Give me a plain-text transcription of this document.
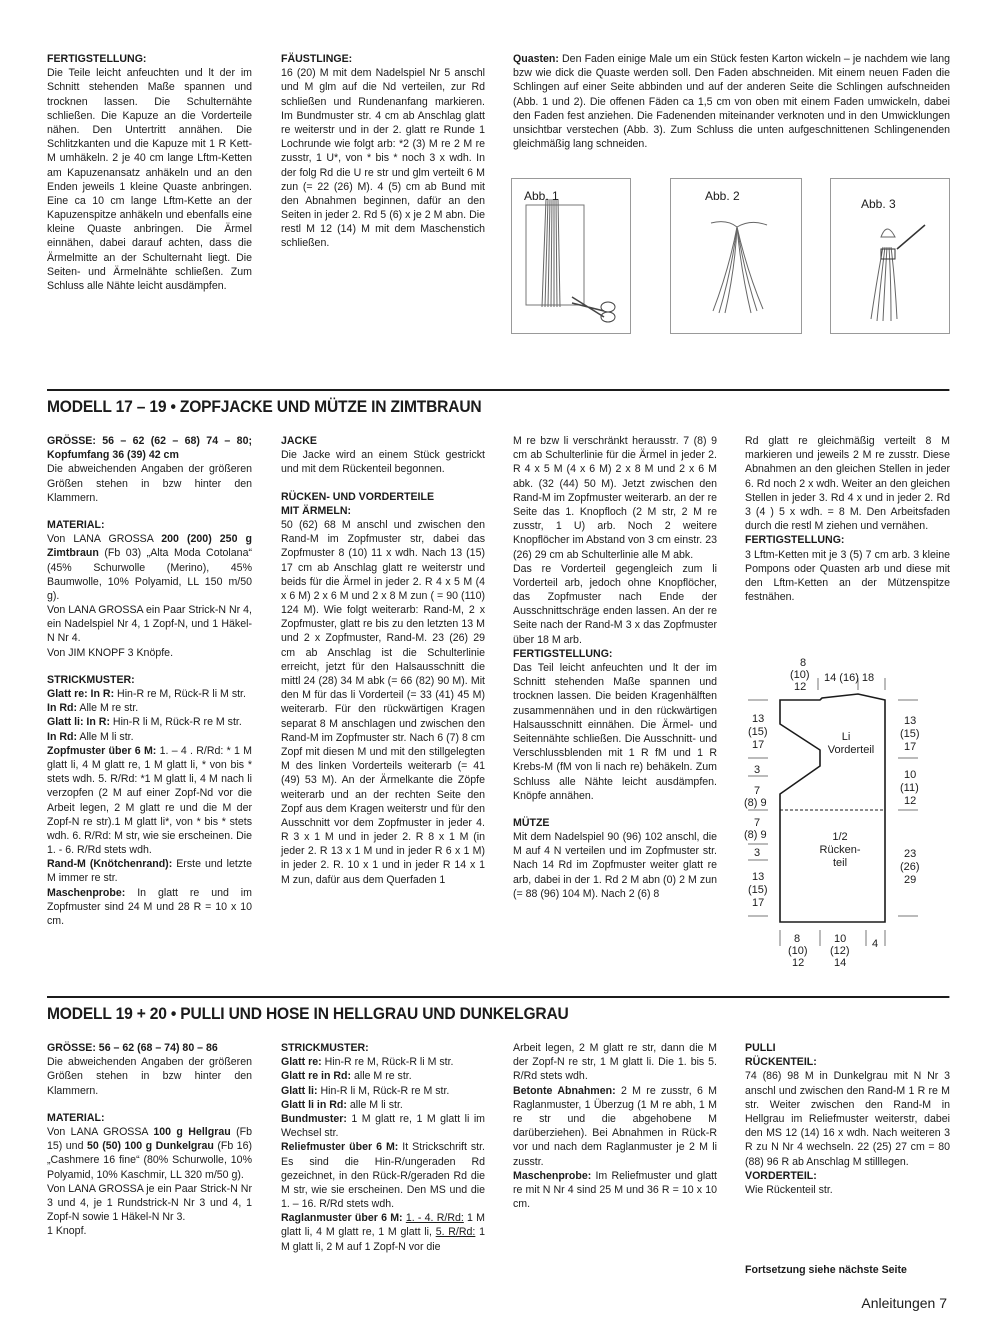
FERTIGSTELLUNG:

Die Teile leicht anfeuchten und lt der im Schnitt stehenden Maße spannen und trocknen lassen. Die Schulternähte schließen. Die Kapuze an die Vorderteile nähen. Den Untertritt annähen. Die Schlitzkanten und die Kapuze mit 1 R Kett-M umhäkeln. 2 je 40 cm lange Lftm-Ketten am Kapuzenansatz anhäkeln und an den Enden jeweils 1 kleine Quaste anbringen. Eine ca 10 cm lange Lftm-Kette an der Kapuzenspitze anhäkeln und ebenfalls eine kleine Quaste anbringen. Die Ärmel einnähen, dabei darauf achten, dass die Ärmelmitte an der Schulternaht liegt. Die Seiten- und Ärmelnähte schließen. Zum Schluss alle Nähte leicht ausdämpfen.

FÄUSTLINGE:

16 (20) M mit dem Nadelspiel Nr 5 anschl und M glm auf die Nd verteilen, zur Rd schließen und Rundenanfang markieren. Im Bundmuster str. 4 cm ab Anschlag glatt re weiterstr und in der 2. glatt re Runde 1 Lochrunde wie folgt arb: *2 (3) M re 2 M re zusstr, 1 U*, von * bis * noch 3 x wdh. In der folg Rd die U re str und glm verteilt 6 M zun (= 22 (26) M). 4 (5) cm ab Bund mit den Abnahmen beginnen, dafür an den Seiten in jeder 2. Rd 5 (6) x je 2 M abn. Die restl M 12 (14) M mit dem Maschenstich schließen.

Quasten: Den Faden einige Male um ein Stück festen Karton wickeln – je nachdem wie lang bzw wie dick die Quaste werden soll. Den Faden abschneiden. Mit einem neuen Faden die Schlingen auf einer Seite abbinden und auf der anderen Seite die Schlingen aufschneiden (Abb. 1 und 2). Die offenen Fäden ca 1,5 cm von oben mit einem Faden umwickeln, dabei den Faden fest anziehen. Die Fadenenden miteinander verknoten und in den Umwicklungen unsichtbar verstechen (Abb. 3). Zum Schluss die unten aufgeschnittenen Schlingenenden gleichmäßig lang schneiden.

Abb. 1	Abb. 2
Abb. 3
MODELL 17 – 19 • ZOPFJACKE UND MÜTZE IN ZIMTBRAUN

GRÖSSE: 56 – 62 (62 – 68) 74 – 80; Kopfumfang 36 (39) 42 cm

Die abweichenden Angaben der größeren Größen stehen in bzw hinter den Klammern.

MATERIAL:

Von LANA GROSSA 200 (200) 250 g Zimtbraun (Fb 03) „Alta Moda Cotolana“ (45% Schurwolle (Merino), 45% Baumwolle, 10% Polyamid, LL 150 m/50 g).

Von LANA GROSSA ein Paar Strick-N Nr 4, ein Nadelspiel Nr 4, 1 Zopf-N, und 1 Häkel-N Nr 4.

Von JIM KNOPF 3 Knöpfe.

STRICKMUSTER:

Glatt re: In R: Hin-R re M, Rück-R li M str.

In Rd: Alle M re str.

Glatt li: In R: Hin-R li M, Rück-R re M str.

In Rd: Alle M li str.

Zopfmuster über 6 M: 1. – 4 . R/Rd: * 1 M glatt li, 4 M glatt re, 1 M glatt li, * von bis * stets wdh. 5. R/Rd: *1 M glatt li, 4 M nach li verzopfen (2 M auf einer Zopf-Nd vor die Arbeit legen, 2 M glatt re und die M der Zopf-N re str).1 M glatt li*, von * bis * stets wdh. 6. R/Rd: M str, wie sie erscheinen. Die 1. - 6. R/Rd stets wdh.

Rand-M (Knötchenrand): Erste und letzte M immer re str.

Maschenprobe: In glatt re und im Zopfmuster sind 24 M und 28 R = 10 x 10 cm.

JACKE

Die Jacke wird an einem Stück gestrickt und mit dem Rückenteil begonnen.

RÜCKEN- UND VORDERTEILE

MIT ÄRMELN:

50 (62) 68 M anschl und zwischen den Rand-M im Zopfmuster str, dabei das Zopfmuster 8 (10) 11 x wdh. Nach 13 (15) 17 cm ab Anschlag glatt re weiterstr und beids für die Ärmel in jeder 2. R 4 x 5 M (4 x 6 M) 2 x 6 M und 2 x 8 M zun ( = 90 (110) 124 M). Wie folgt weiterarb: Rand-M, 2 x Zopfmuster, glatt re bis zu den letzten 13 M und 2 x Zopfmuster, Rand-M. 23 (26) 29 cm ab Anschlag ist die Schulterlinie erreicht, jetzt für den Halsausschnitt die mittl 24 (28) 34 M abk (= 66 (82) 90 M). Mit den M für das li Vorderteil (= 33 (41) 45 M) weiterarb. Für den rückwärtigen Kragen separat 8 M anschlagen und zwischen den Rand-M im Zopfmuster str. Nach 6 (7) 8 cm Zopf mit diesen M und mit den stillgelegten M des linken Vorderteils weiterarb (= 41 (49) 53 M). An der Ärmelkante die Zöpfe weiterarb und an der rechten Seite den Zopf aus dem Kragen weiterstr und für den Ausschnitt vor dem Zopfmuster in jeder 4. R 3 x 1 M und in jeder 2. R 8 x 1 M (in jeder 2. R 13 x 1 M und in jeder R 6 x 1 M) in jeder 2. R. 10 x 1 und in jeder R 14 x 1 M zun, dafür aus dem Querfaden 1

M re bzw li verschränkt herausstr. 7 (8) 9 cm ab Schulterlinie für die Ärmel in jeder 2. R 4 x 5 M (4 x 6 M) 2 x 8 M und 2 x 6 M abk. (32 (44) 50 M). Jetzt zwischen den Rand-M im Zopfmuster weiterarb. an der re Seite das 1. Knopfloch (2 M str, 2 M re zusstr, 1 U) arb. Noch 2 weitere Knopflöcher im Abstand von 3 cm einstr. 23 (26) 29 cm ab Schulterlinie alle M abk.

Das re Vorderteil gegengleich zum li Vorderteil arb, jedoch ohne Knopflöcher, das Zopfmuster nach Ende der Ausschnittschräge enden lassen. An der re Seite nach der Rand-M 3 x das Zopfmuster über 18 M arb.

FERTIGSTELLUNG:

Das Teil leicht anfeuchten und lt der im Schnitt stehenden Maße spannen und trocknen lassen. Die beiden Kragenhälften zusammennähen und in den rückwärtigen Halsausschnitt einnähen. Die Ärmel- und Seitennähte schließen. Die Ausschnitt- und Verschlussblenden mit 1 R fM und 1 R Krebs-M (fM von li nach re) behäkeln. Zum Schluss alle Nähte leicht ausdämpfen. Knöpfe annähen.

MÜTZE

Mit dem Nadelspiel 90 (96) 102 anschl, die M auf 4 N verteilen und im Zopfmuster str. Nach 14 Rd im Zopfmuster weiter glatt re arb, dabei in der 1. Rd 2 M abn (0) 2 M zun (= 88 (96) 104 M). Nach 2 (6) 8

Rd glatt re gleichmäßig verteilt 8 M markieren und jeweils 2 M re zusstr. Diese Abnahmen an den gleichen Stellen in jeder 6. Rd noch 2 x wdh. Weiter an den gleichen Stellen in jeder 3. Rd 4 x und in jeder 2. Rd 3 (4 ) 5 x wdh. = 8 M. Den Arbeitsfaden durch die restl M ziehen und vernähen.

FERTIGSTELLUNG:

3 Lftm-Ketten mit je 3 (5) 7 cm arb. 3 kleine Pompons oder Quasten arb und diese mit den Lftm-Ketten an der Mützenspitze festnähen.

8
(10)
12
14 (16) 18
13
(15)
17
3
7
(8) 9
7
(8) 9
3
13
(15)
17
13
(15)
17
10
(11)
12
23
(26)
29
Li
Vorderteil
1/2
Rücken-
teil
8
(10)
12
10
(12)
14
4
MODELL 19 + 20 • PULLI UND HOSE IN HELLGRAU UND DUNKELGRAU

GRÖSSE: 56 – 62 (68 – 74) 80 – 86

Die abweichenden Angaben der größeren Größen stehen in bzw hinter den Klammern.

MATERIAL:

Von LANA GROSSA 100 g Hellgrau (Fb 15) und 50 (50) 100 g Dunkelgrau (Fb 16) „Cashmere 16 fine“ (80% Schurwolle, 10% Polyamid, 10% Kaschmir, LL 320 m/50 g).

Von LANA GROSSA je ein Paar Strick-N Nr 3 und 4, je 1 Rundstrick-N Nr 3 und 4, 1 Zopf-N sowie 1 Häkel-N Nr 3.

1 Knopf.

STRICKMUSTER:

Glatt re: Hin-R re M, Rück-R li M str.

Glatt re in Rd: alle M re str.

Glatt li: Hin-R li M, Rück-R re M str.

Glatt li in Rd: alle M li str.

Bundmuster: 1 M glatt re, 1 M glatt li im Wechsel str.

Reliefmuster über 6 M: It Strickschrift str. Es sind die Hin-R/ungeraden Rd gezeichnet, in den Rück-R/geraden Rd die M str, wie sie erscheinen. Den MS und die 1. – 16. R/Rd stets wdh.

Raglanmuster über 6 M: 1. - 4. R/Rd: 1 M glatt li, 4 M glatt re, 1 M glatt li, 5. R/Rd: 1 M glatt li, 2 M auf 1 Zopf-N vor die

Arbeit legen, 2 M glatt re str, dann die M der Zopf-N re str, 1 M glatt li. Die 1. bis 5. R/Rd stets wdh.

Betonte Abnahmen: 2 M re zusstr, 6 M Raglanmuster, 1 Überzug (1 M re abh, 1 M re str und die abgehobene M darüberziehen). Bei Abnahmen in Rück-R vor und nach dem Raglanmuster je 2 M li zusstr.

Maschenprobe: Im Reliefmuster und glatt re mit N Nr 4 sind 25 M und 36 R = 10 x 10 cm.

PULLI

RÜCKENTEIL:

74 (86) 98 M in Dunkelgrau mit N Nr 3 anschl und zwischen den Rand-M 1 R re M str. Weiter zwischen den Rand-M in Hellgrau im Reliefmuster weiterstr, dabei den MS 12 (14) 16 x wdh. Nach weiteren 3 R zu N Nr 4 wechseln. 22 (25) 27 cm = 80 (88) 96 R ab Anschlag M stilllegen.

VORDERTEIL:

Wie Rückenteil str.

Fortsetzung siehe nächste Seite

Anleitungen 7
